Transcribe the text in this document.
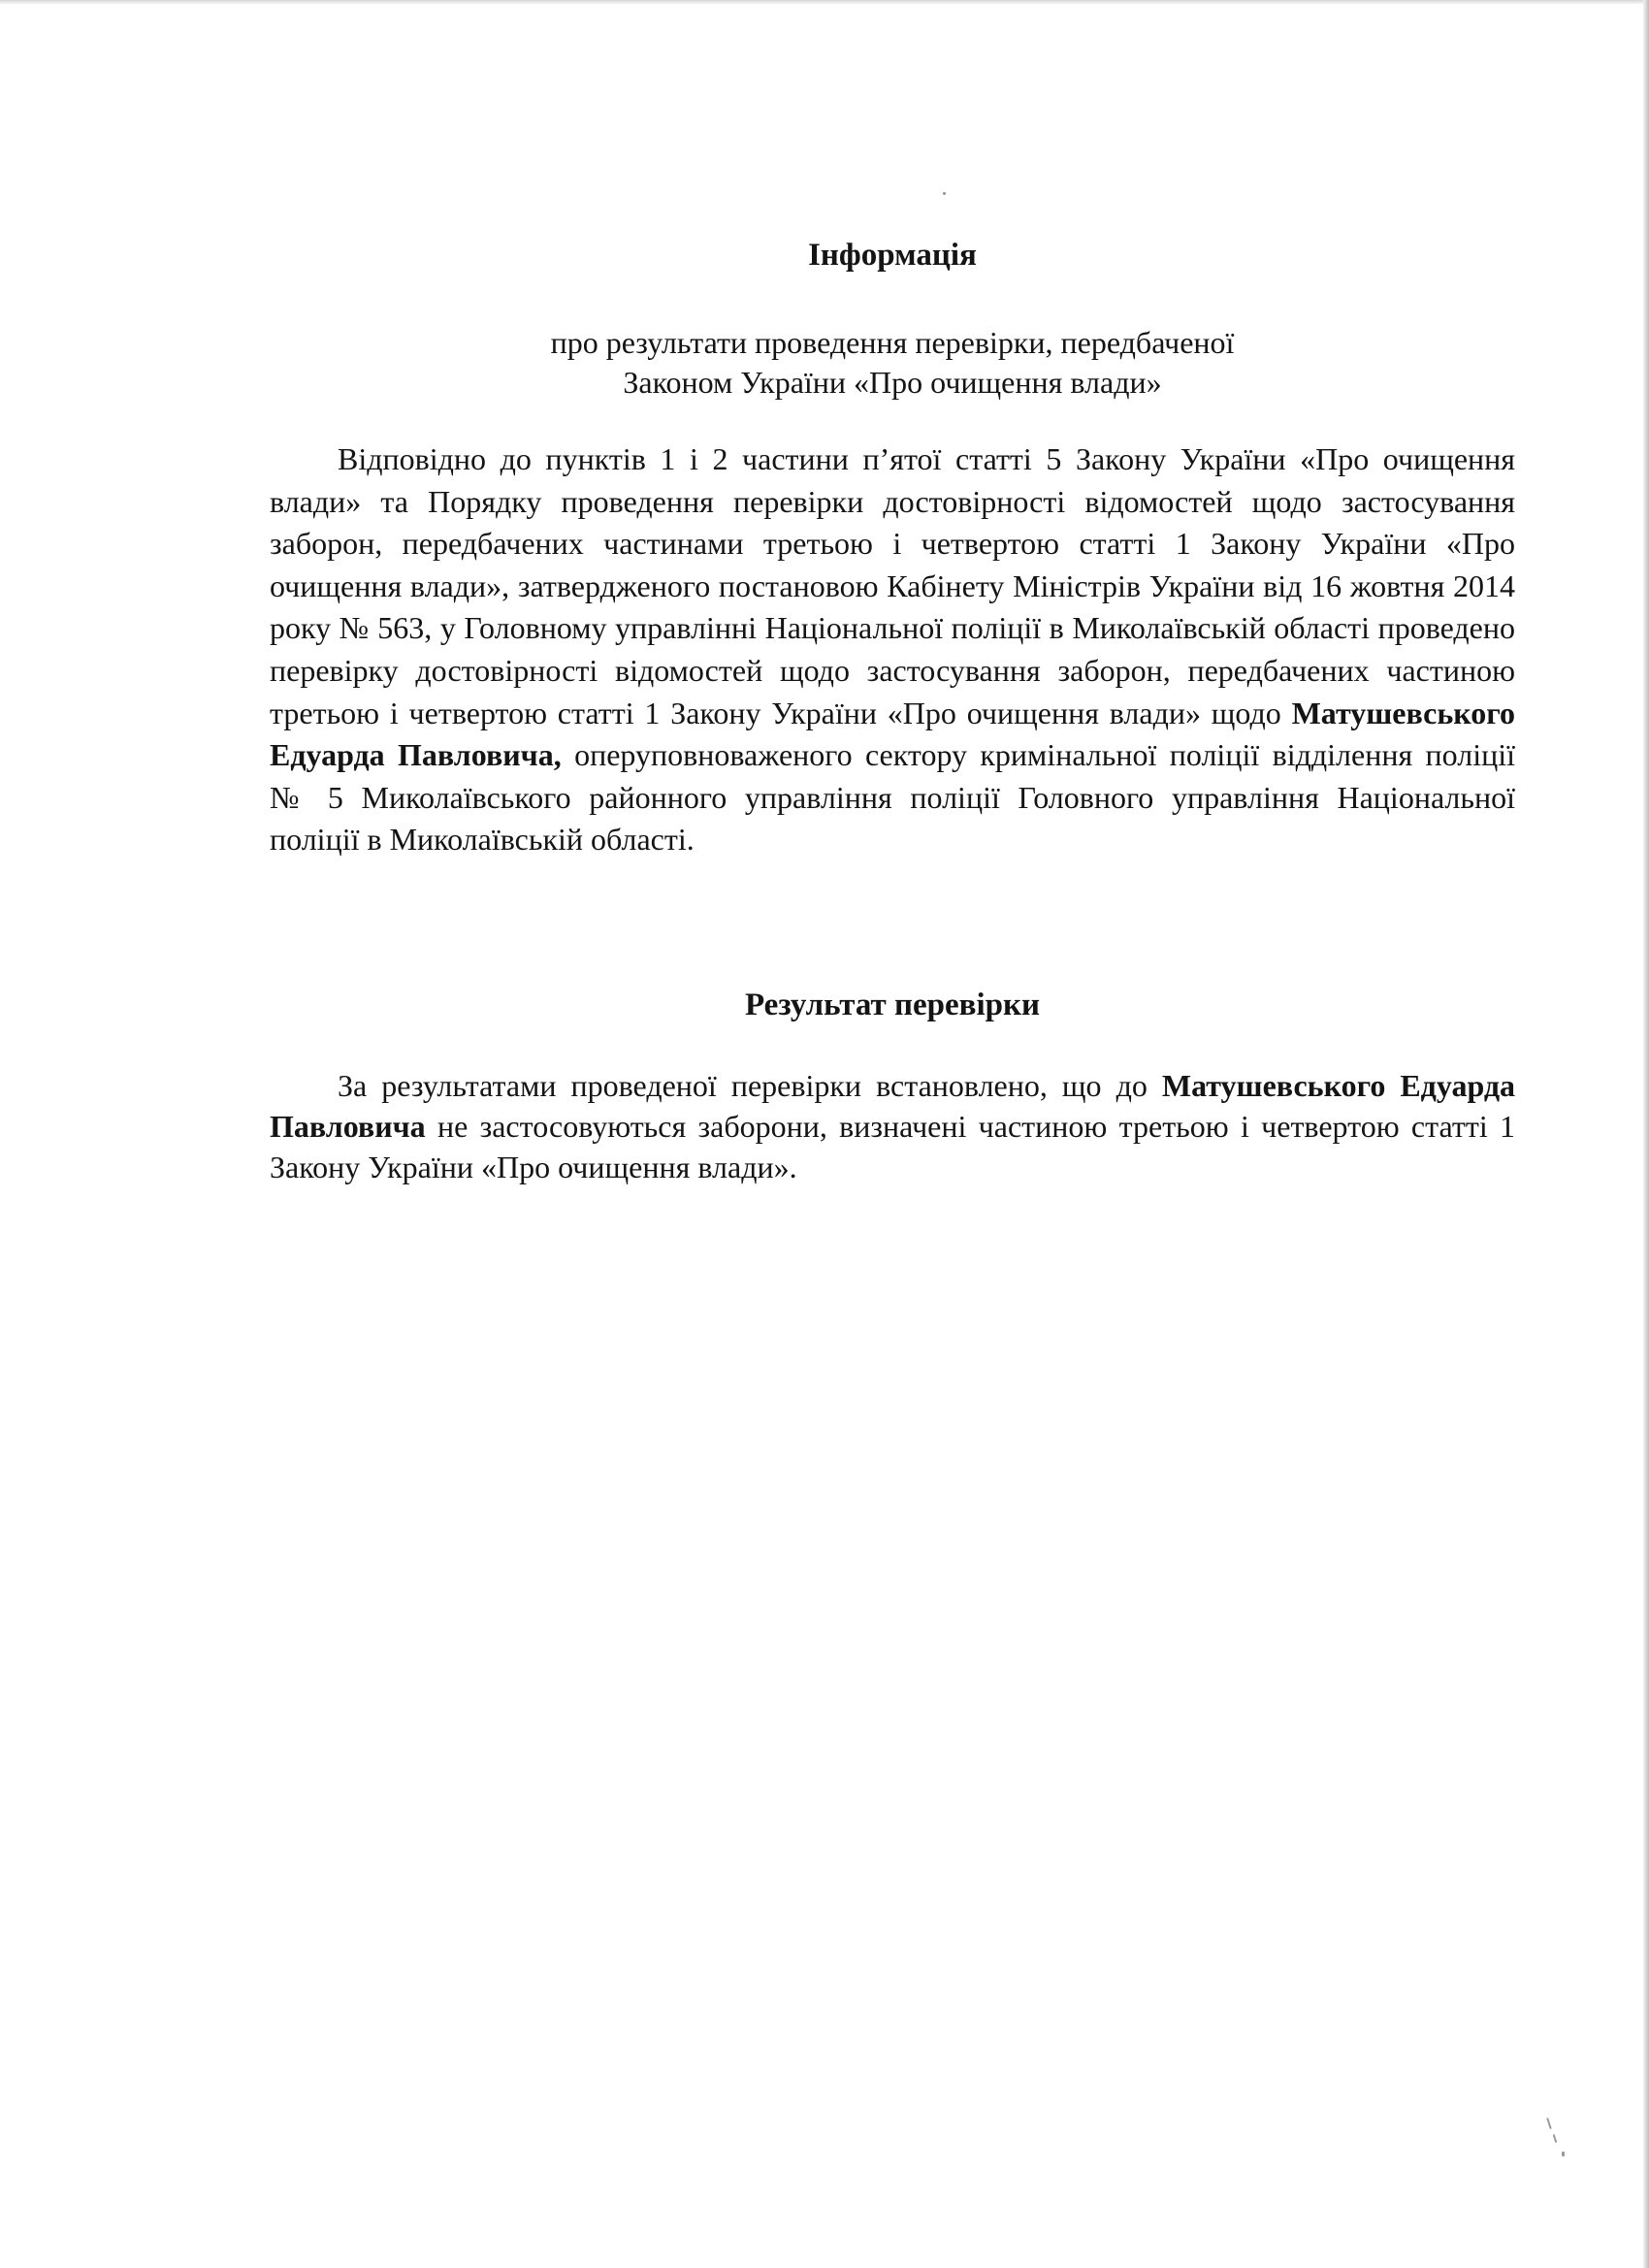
Інформація
про результати проведення перевірки, передбаченої
Законом України «Про очищення влади»

Відповідно до пунктів 1 і 2 частини п’ятої статті 5 Закону України «Про очищення влади» та Порядку проведення перевірки достовірності відомостей щодо застосування заборон, передбачених частинами третьою і четвертою статті 1 Закону України «Про очищення влади», затвердженого постановою Кабінету Міністрів України від 16 жовтня 2014 року № 563, у Головному управлінні Національної поліції в Миколаївській області проведено перевірку достовірності відомостей щодо застосування заборон, передбачених частиною третьою і четвертою статті 1 Закону України «Про очищення влади» щодо Матушевського Едуарда Павловича, оперуповноваженого сектору кримінальної поліції відділення поліції № 5 Миколаївського районного управління поліції Головного управління Національної поліції в Миколаївській області.

Результат перевірки

За результатами проведеної перевірки встановлено, що до Матушевського Едуарда Павловича не застосовуються заборони, визначені частиною третьою і четвертою статті 1 Закону України «Про очищення влади».
